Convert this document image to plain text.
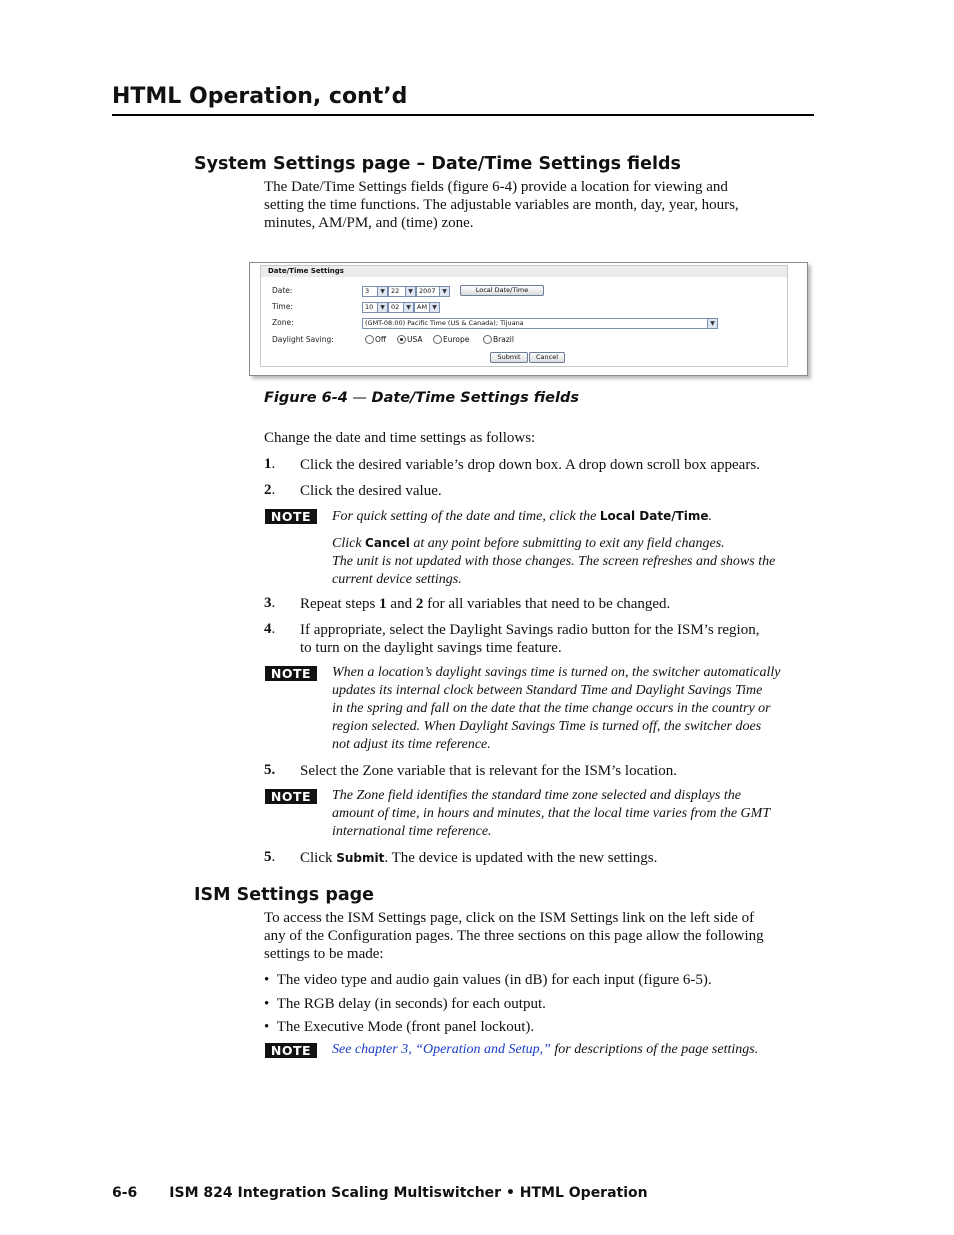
HTML Operation, cont’d
System Settings page – Date/Time Settings fields
The Date/Time Settings fields (figure 6-4) provide a location for viewing and
setting the time functions. The adjustable variables are month, day, year, hours,
minutes, AM/PM, and (time) zone.
Date/Time Settings
Date:	3	▼ 22	▼ 2007	▼	Local Date/Time
Time:	10	▼ 02	▼ AM ▼
Zone:	(GMT-08:00) Pacific Time (US & Canada); Tijuana	▼
Daylight Saving:	Off	USA	Europe	Brazil
Submit	Cancel
Figure 6-4 — Date/Time Settings fields
Change the date and time settings as follows:
1. Click the desired variable’s drop down box. A drop down scroll box appears.
2. Click the desired value.
NOTE	For quick setting of the date and time, click the Local Date/Time.
Click Cancel at any point before submitting to exit any field changes.
The unit is not updated with those changes. The screen refreshes and shows the
current device settings.
3. Repeat steps 1 and 2 for all variables that need to be changed.
4. If appropriate, select the Daylight Savings radio button for the ISM’s region,
to turn on the daylight savings time feature.
NOTE	When a location’s daylight savings time is turned on, the switcher automatically
updates its internal clock between Standard Time and Daylight Savings Time
in the spring and fall on the date that the time change occurs in the country or
region selected. When Daylight Savings Time is turned off, the switcher does
not adjust its time reference.
5. Select the Zone variable that is relevant for the ISM’s location.
NOTE	The Zone field identifies the standard time zone selected and displays the
amount of time, in hours and minutes, that the local time varies from the GMT
international time reference.
5. Click Submit. The device is updated with the new settings.
ISM Settings page
To access the ISM Settings page, click on the ISM Settings link on the left side of
any of the Configuration pages. The three sections on this page allow the following
settings to be made:
• The video type and audio gain values (in dB) for each input (figure 6-5).
• The RGB delay (in seconds) for each output.
• The Executive Mode (front panel lockout).
NOTE	See chapter 3, “Operation and Setup,” for descriptions of the page settings.
6-6 ISM 824 Integration Scaling Multiswitcher • HTML Operation
